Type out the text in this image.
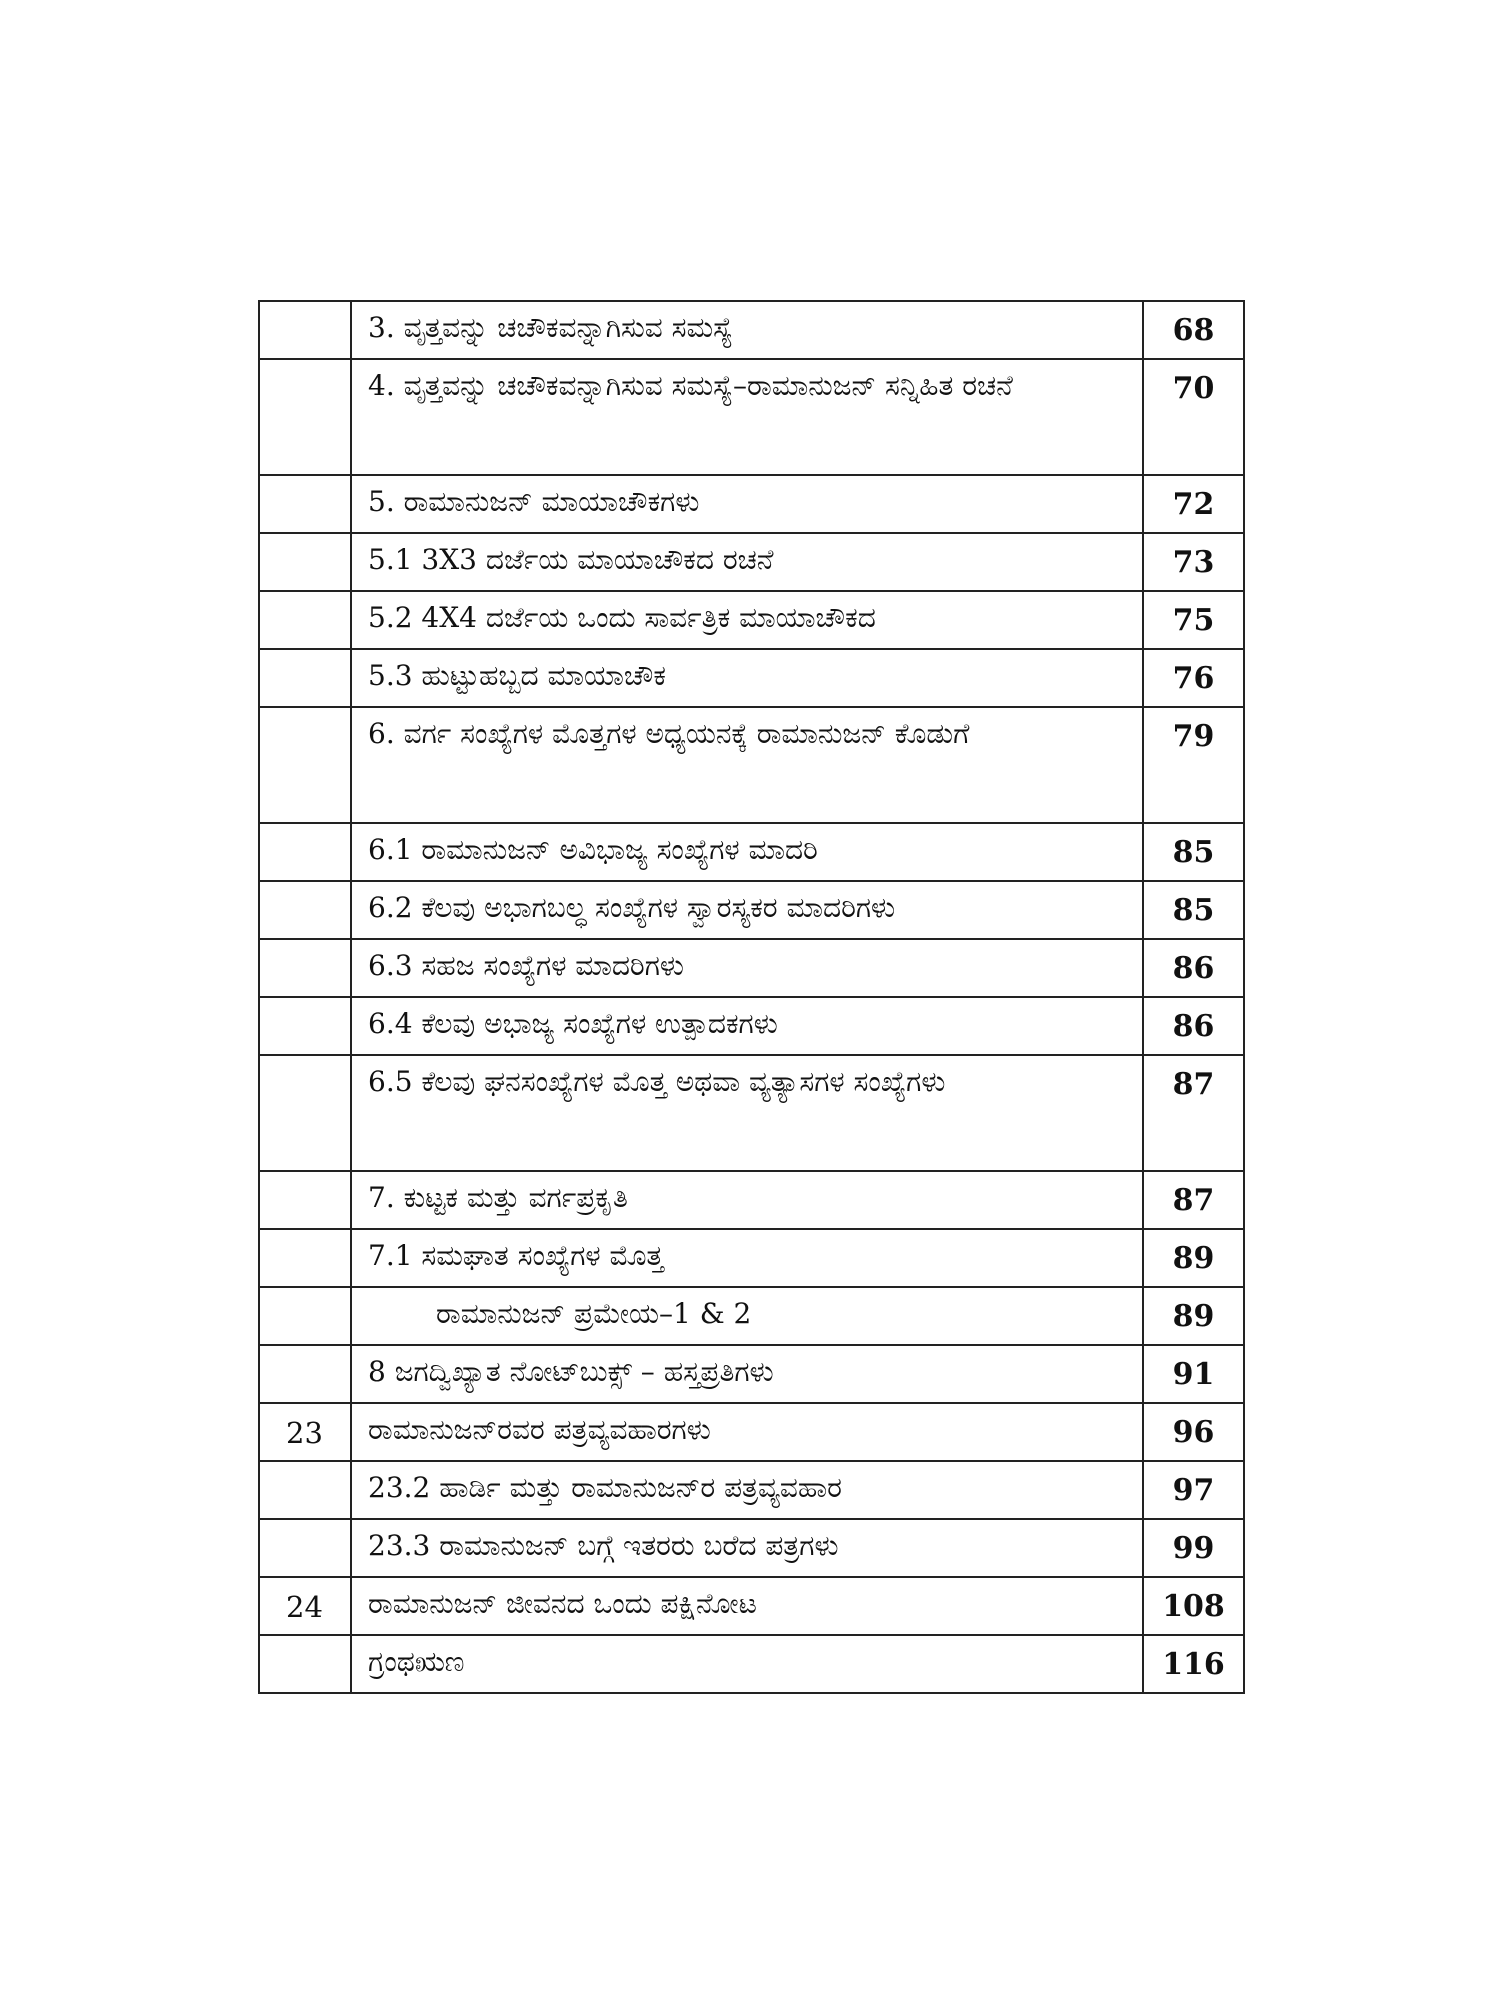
	3. ವೃತ್ತವನ್ನು ಚಚೌಕವನ್ನಾಗಿಸುವ ಸಮಸ್ಯೆ	68
	4. ವೃತ್ತವನ್ನು ಚಚೌಕವನ್ನಾಗಿಸುವ ಸಮಸ್ಯೆ–ರಾಮಾನುಜನ್ ಸನ್ನಿಹಿತ ರಚನೆ	70
	5. ರಾಮಾನುಜನ್ ಮಾಯಾಚೌಕಗಳು	72
	5.1 3X3 ದರ್ಜೆಯ ಮಾಯಾಚೌಕದ ರಚನೆ	73
	5.2 4X4 ದರ್ಜೆಯ ಒಂದು ಸಾರ್ವತ್ರಿಕ ಮಾಯಾಚೌಕದ	75
	5.3 ಹುಟ್ಟುಹಬ್ಬದ ಮಾಯಾಚೌಕ	76
	6. ವರ್ಗ ಸಂಖ್ಯೆಗಳ ಮೊತ್ತಗಳ ಅಧ್ಯಯನಕ್ಕೆ ರಾಮಾನುಜನ್ ಕೊಡುಗೆ	79
	6.1 ರಾಮಾನುಜನ್ ಅವಿಭಾಜ್ಯ ಸಂಖ್ಯೆಗಳ ಮಾದರಿ	85
	6.2 ಕೆಲವು ಅಭಾಗಬಲ್ಧ ಸಂಖ್ಯೆಗಳ ಸ್ವಾರಸ್ಯಕರ ಮಾದರಿಗಳು	85
	6.3 ಸಹಜ ಸಂಖ್ಯೆಗಳ ಮಾದರಿಗಳು	86
	6.4 ಕೆಲವು ಅಭಾಜ್ಯ ಸಂಖ್ಯೆಗಳ ಉತ್ಪಾದಕಗಳು	86
	6.5 ಕೆಲವು ಘನಸಂಖ್ಯೆಗಳ ಮೊತ್ತ ಅಥವಾ ವ್ಯತ್ಯಾಸಗಳ ಸಂಖ್ಯೆಗಳು	87
	7. ಕುಟ್ಟಕ ಮತ್ತು ವರ್ಗಪ್ರಕೃತಿ	87
	7.1 ಸಮಘಾತ ಸಂಖ್ಯೆಗಳ ಮೊತ್ತ	89

	ರಾಮಾನುಜನ್ ಪ್ರಮೇಯ–1 & 2	89
	8 ಜಗದ್ವಿಖ್ಯಾತ ನೋಟ್‌ಬುಕ್ಸ್ – ಹಸ್ತಪ್ರತಿಗಳು	91
23	ರಾಮಾನುಜನ್‌ರವರ ಪತ್ರವ್ಯವಹಾರಗಳು	96
	23.2 ಹಾರ್ಡಿ ಮತ್ತು ರಾಮಾನುಜನ್‌ರ ಪತ್ರವ್ಯವಹಾರ	97
	23.3 ರಾಮಾನುಜನ್ ಬಗ್ಗೆ ಇತರರು ಬರೆದ ಪತ್ರಗಳು	99
24	ರಾಮಾನುಜನ್ ಜೀವನದ ಒಂದು ಪಕ್ಷಿನೋಟ	108
	ಗ್ರಂಥಋಣ	116
